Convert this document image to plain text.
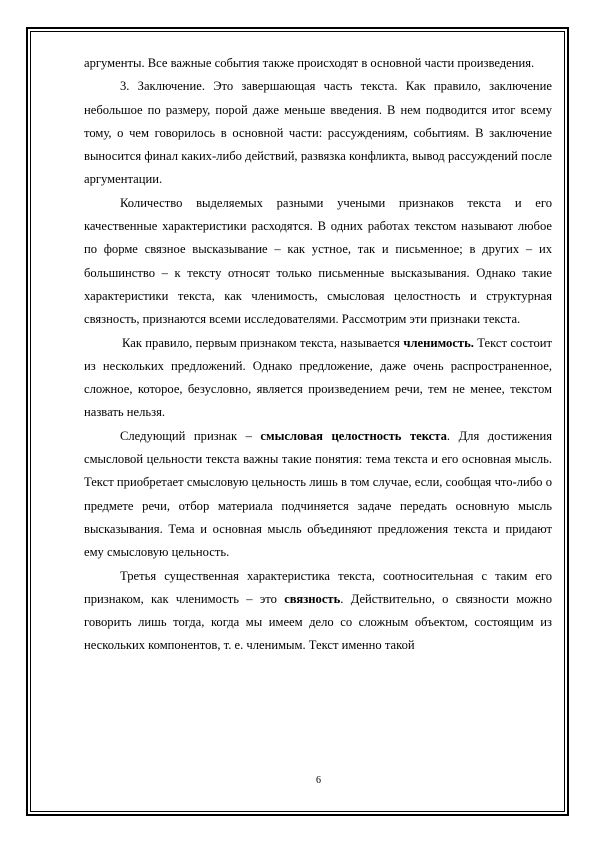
аргументы. Все важные события также происходят в основной части произведения.

3. Заключение. Это завершающая часть текста. Как правило, заключение небольшое по размеру, порой даже меньше введения. В нем подводится итог всему тому, о чем говорилось в основной части: рассуждениям, событиям. В заключение выносится финал каких-либо действий, развязка конфликта, вывод рассуждений после аргументации.

Количество выделяемых разными учеными признаков текста и его качественные характеристики расходятся. В одних работах текстом называют любое по форме связное высказывание – как устное, так и письменное; в других – их большинство – к тексту относят только письменные высказывания. Однако такие характеристики текста, как членимость, смысловая целостность и структурная связность, признаются всеми исследователями. Рассмотрим эти признаки текста.

Как правило, первым признаком текста, называется членимость. Текст состоит из нескольких предложений. Однако предложение, даже очень распространенное, сложное, которое, безусловно, является произведением речи, тем не менее, текстом назвать нельзя.

Следующий признак – смысловая целостность текста. Для достижения смысловой цельности текста важны такие понятия: тема текста и его основная мысль. Текст приобретает смысловую цельность лишь в том случае, если, сообщая что-либо о предмете речи, отбор материала подчиняется задаче передать основную мысль высказывания. Тема и основная мысль объединяют предложения текста и придают ему смысловую цельность.

Третья существенная характеристика текста, соотносительная с таким его признаком, как членимость – это связность. Действительно, о связности можно говорить лишь тогда, когда мы имеем дело со сложным объектом, состоящим из нескольких компонентов, т. е. членимым. Текст именно такой

6
